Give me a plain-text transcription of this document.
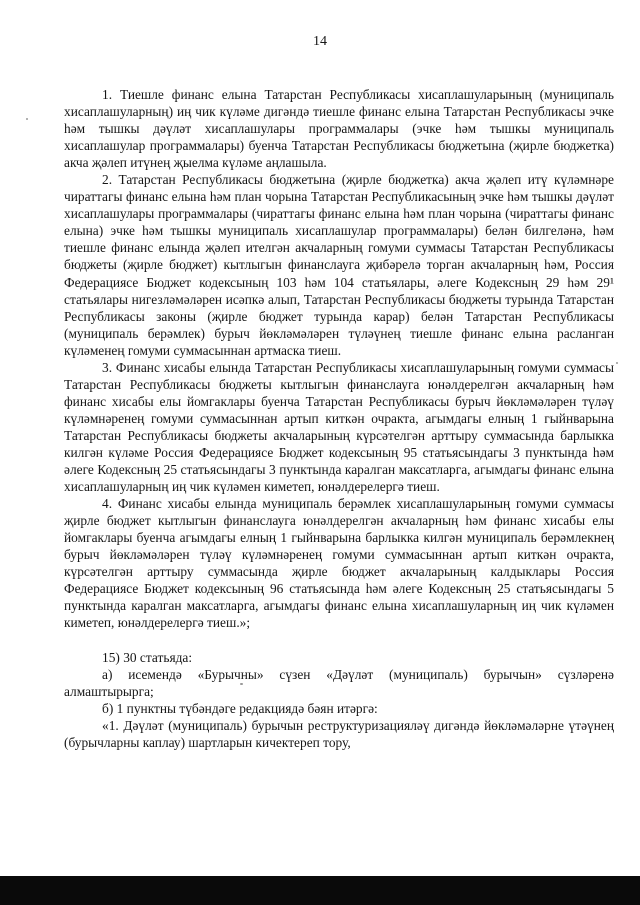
14

1. Тиешле финанс елына Татарстан Республикасы хисаплашуларының (муниципаль хисаплашуларның) иң чик күләме дигәндә тиешле финанс елына Татарстан Республикасы эчке һәм тышкы дәүләт хисаплашулары программалары (эчке һәм тышкы муниципаль хисаплашулар программалары) буенча Татарстан Республикасы бюджетына (җирле бюджетка) акча җәлеп итүнең җыелма күләме аңлашыла.

2. Татарстан Республикасы бюджетына (җирле бюджетка) акча җәлеп итү күләмнәре чираттагы финанс елына һәм план чорына Татарстан Республикасының эчке һәм тышкы дәүләт хисаплашулары программалары (чираттагы финанс елына һәм план чорына (чираттагы финанс елына) эчке һәм тышкы муниципаль хисаплашулар программалары) белән билгеләнә, һәм тиешле финанс елында җәлеп ителгән акчаларның гомуми суммасы Татарстан Республикасы бюджеты (җирле бюджет) кытлыгын финанслауга җибәрелә торган акчаларның һәм, Россия Федерациясе Бюджет кодексының 103 һәм 104 статьялары, әлеге Кодексның 29 һәм 29¹ статьялары нигезләмәләрен исәпкә алып, Татарстан Республикасы бюджеты турында Татарстан Республикасы законы (җирле бюджет турында карар) белән Татарстан Республикасы (муниципаль берәмлек) бурыч йөкләмәләрен түләүнең тиешле финанс елына расланган күләменең гомуми суммасыннан артмаска тиеш.

3. Финанс хисабы елында Татарстан Республикасы хисаплашуларының гомуми суммасы Татарстан Республикасы бюджеты кытлыгын финанслауга юнәлдерелгән акчаларның һәм финанс хисабы елы йомгаклары буенча Татарстан Республикасы бурыч йөкләмәләрен түләү күләмнәренең гомуми суммасыннан артып киткән очракта, агымдагы елның 1 гыйнварына Татарстан Республикасы бюджеты акчаларының күрсәтелгән арттыру суммасында барлыкка килгән күләме Россия Федерациясе Бюджет кодексының 95 статьясындагы 3 пунктында һәм әлеге Кодексның 25 статьясындагы 3 пунктында каралган максатларга, агымдагы финанс елына хисаплашуларның иң чик күләмен киметеп, юнәлдерелергә тиеш.

4. Финанс хисабы елында муниципаль берәмлек хисаплашуларының гомуми суммасы җирле бюджет кытлыгын финанслауга юнәлдерелгән акчаларның һәм финанс хисабы елы йомгаклары буенча агымдагы елның 1 гыйнварына барлыкка килгән муниципаль берәмлекнең бурыч йөкләмәләрен түләү күләмнәренең гомуми суммасыннан артып киткән очракта, күрсәтелгән арттыру суммасында җирле бюджет акчаларының калдыклары Россия Федерациясе Бюджет кодексының 96 статьясында һәм әлеге Кодексның 25 статьясындагы 5 пунктында каралган максатларга, агымдагы финанс елына хисаплашуларның иң чик күләмен киметеп, юнәлдерелергә тиеш.»;

15) 30 статьяда:

а) исемендә «Бурычны» сүзен «Дәүләт (муниципаль) бурычын» сүзләренә алмаштырырга;

б) 1 пунктны түбәндәге редакциядә бәян итәргә:

«1. Дәүләт (муниципаль) бурычын реструктуризацияләү дигәндә йөкләмәләрне үтәүнең (бурычларны каплау) шартларын кичектереп тору,
